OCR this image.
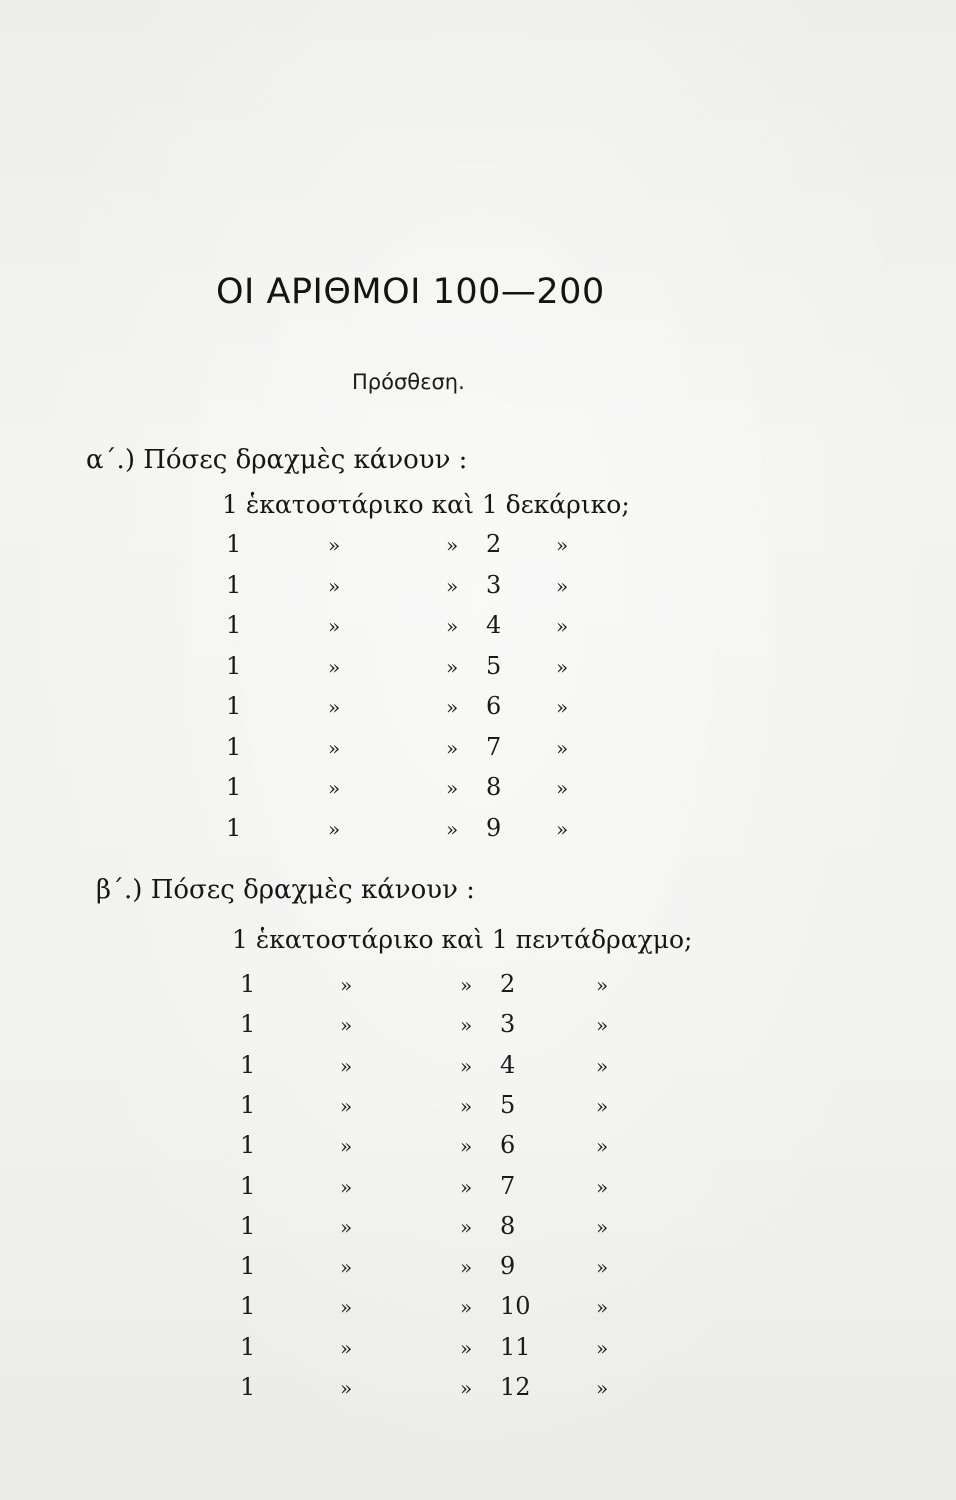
ΟΙ ΑΡΙΘΜΟΙ 100—200
Πρόσθεση.
α΄.) Πόσες δραχμὲς κάνουν :
1 ἑκατοστάρικο καὶ 1 δεκάρικο;
1	»	» 2	»
1	»	» 3	»
1	»	» 4	»
1	»	» 5	»
1	»	» 6	»
1	»	» 7	»
1	»	» 8	»
1	»	» 9	»
β΄.) Πόσες δραχμὲς κάνουν :
1 ἑκατοστάρικο καὶ 1 πεντάδραχμο;
1	»	» 2	»
1	»	» 3	»
1	»	» 4	»
1	»	» 5	»
1	»	» 6	»
1	»	» 7	»
1	»	» 8	»
1	»	» 9	»
1	»	» 10	»
1	»	» 11	»
1	»	» 12	»
